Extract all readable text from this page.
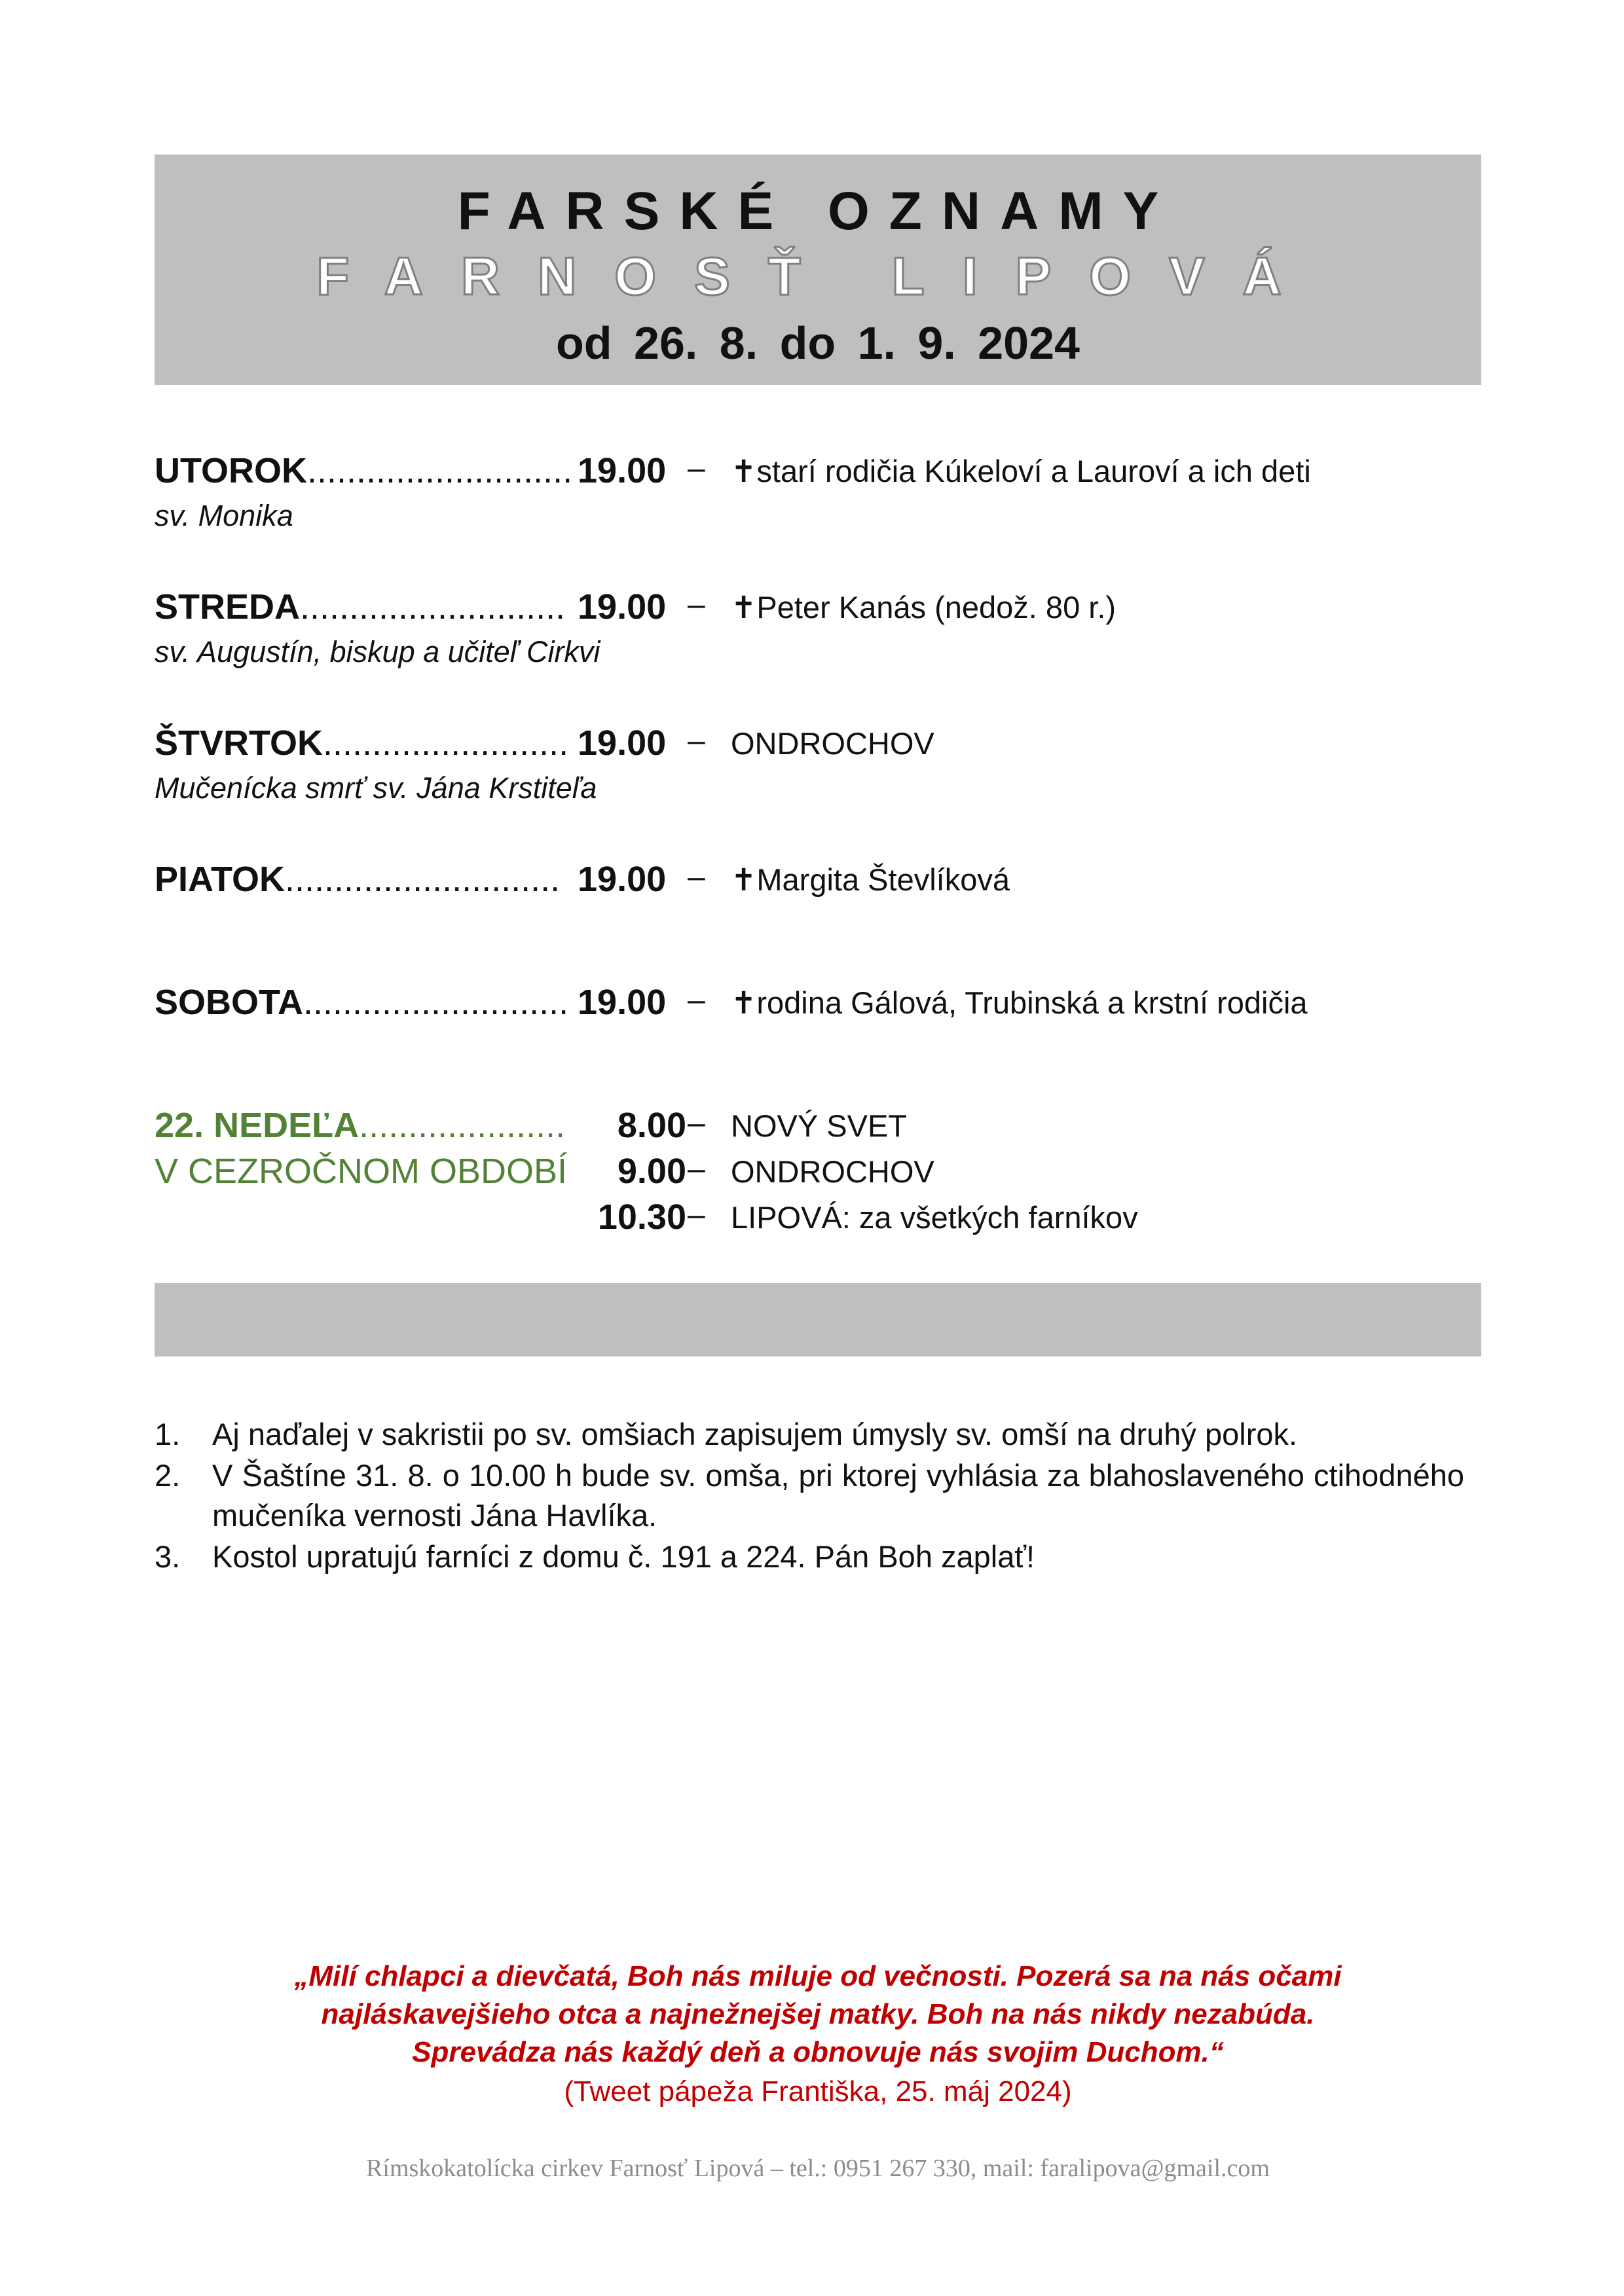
FARSKÉ OZNAMY
FARNOSŤ LIPOVÁ
od 26. 8. do 1. 9. 2024
UTOROK........................... 19.00 – ✝starí rodičia Kúkeloví a Lauroví a ich deti
sv. Monika
STREDA........................... 19.00 – ✝Peter Kanás (nedož. 80 r.)
sv. Augustín, biskup a učiteľ Cirkvi
ŠTVRTOK......................... 19.00 – ONDROCHOV
Mučenícka smrť sv. Jána Krstiteľa
PIATOK............................ 19.00 – ✝Margita Števlíková
SOBOTA........................... 19.00 – ✝rodina Gálová, Trubinská a krstní rodičia
22. NEDEĽA.....................	8.00 – NOVÝ SVET
V CEZROČNOM OBDOBÍ 9.00 – ONDROCHOV
10.30 – LIPOVÁ: za všetkých farníkov
1. Aj naďalej v sakristii po sv. omšiach zapisujem úmysly sv. omší na druhý polrok.
2. V Šaštíne 31. 8. o 10.00 h bude sv. omša, pri ktorej vyhlásia za blahoslaveného ctihodného mučeníka vernosti Jána Havlíka.
3. Kostol upratujú farníci z domu č. 191 a 224. Pán Boh zaplať!
„Milí chlapci a dievčatá, Boh nás miluje od večnosti. Pozerá sa na nás očami
najláskavejšieho otca a najnežnejšej matky. Boh na nás nikdy nezabúda.
Sprevádza nás každý deň a obnovuje nás svojim Duchom.“
(Tweet pápeža Františka, 25. máj 2024)
Rímskokatolícka cirkev Farnosť Lipová – tel.: 0951 267 330, mail: faralipova@gmail.com
